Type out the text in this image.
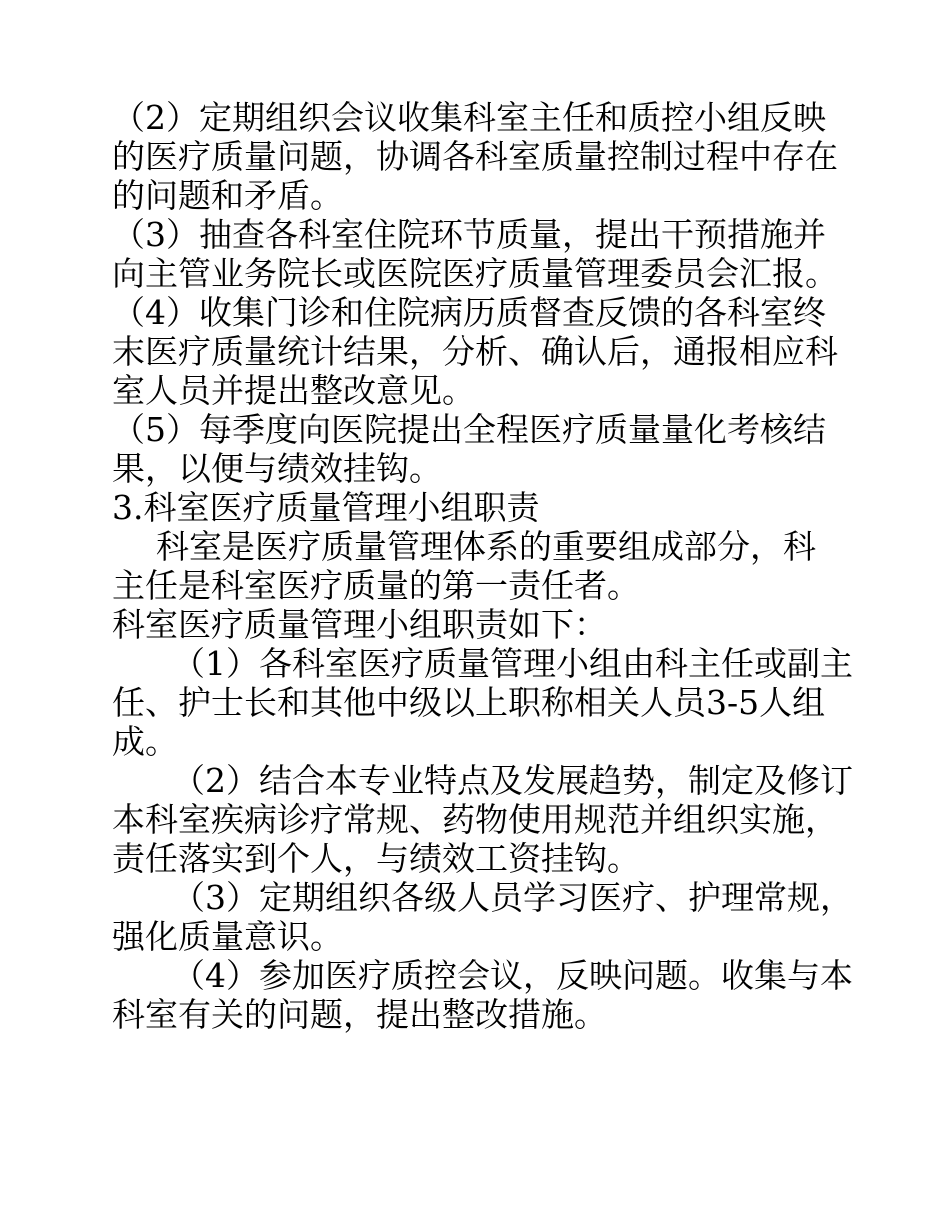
（2）定期组织会议收集科室主任和质控小组反映
的医疗质量问题，协调各科室质量控制过程中存在
的问题和矛盾。
（3）抽查各科室住院环节质量，提出干预措施并
向主管业务院长或医院医疗质量管理委员会汇报。
（4）收集门诊和住院病历质督查反馈的各科室终
末医疗质量统计结果，分析、确认后，通报相应科
室人员并提出整改意见。
（5）每季度向医院提出全程医疗质量量化考核结
果，以便与绩效挂钩。
3.科室医疗质量管理小组职责
科室是医疗质量管理体系的重要组成部分，科
主任是科室医疗质量的第一责任者。
科室医疗质量管理小组职责如下：
（1）各科室医疗质量管理小组由科主任或副主
任、护士长和其他中级以上职称相关人员3-5人组
成。
（2）结合本专业特点及发展趋势，制定及修订
本科室疾病诊疗常规、药物使用规范并组织实施，
责任落实到个人，与绩效工资挂钩。
（3）定期组织各级人员学习医疗、护理常规，
强化质量意识。
（4）参加医疗质控会议，反映问题。收集与本
科室有关的问题，提出整改措施。
